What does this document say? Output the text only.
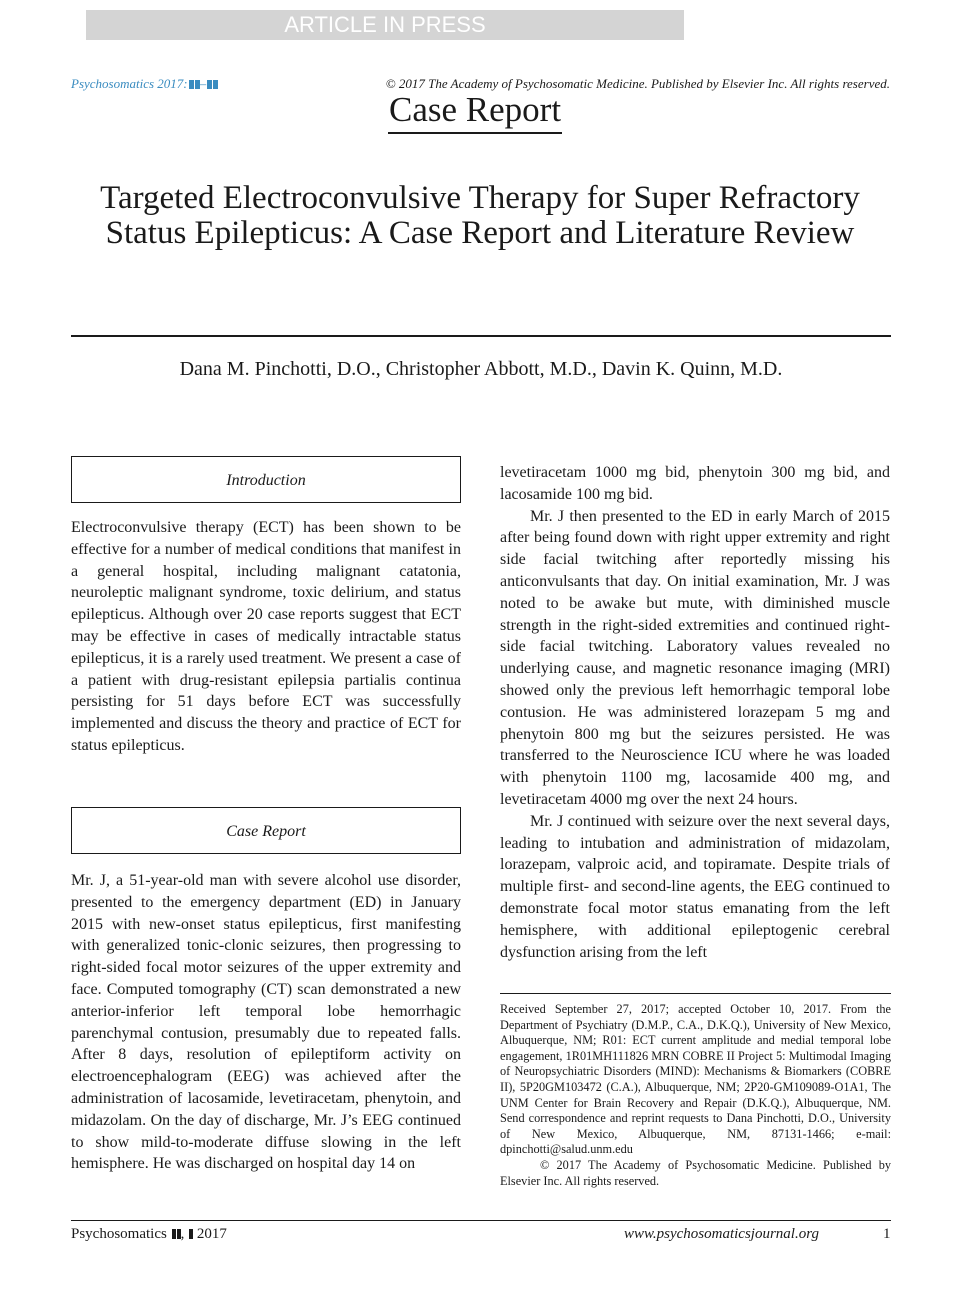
ARTICLE IN PRESS
Psychosomatics 2017: –	© 2017 The Academy of Psychosomatic Medicine. Published by Elsevier Inc. All rights reserved.
Case Report
Targeted Electroconvulsive Therapy for Super Refractory Status Epilepticus: A Case Report and Literature Review
Dana M. Pinchotti, D.O., Christopher Abbott, M.D., Davin K. Quinn, M.D.
Introduction

Electroconvulsive therapy (ECT) has been shown to be effective for a number of medical conditions that manifest in a general hospital, including malignant catatonia, neuroleptic malignant syndrome, toxic delirium, and status epilepticus. Although over 20 case reports suggest that ECT may be effective in cases of medically intractable status epilepticus, it is a rarely used treatment. We present a case of a patient with drug-resistant epilepsia partialis continua persisting for 51 days before ECT was successfully implemented and discuss the theory and practice of ECT for status epilepticus.

Case Report

Mr. J, a 51-year-old man with severe alcohol use disorder, presented to the emergency department (ED) in January 2015 with new-onset status epilepticus, first manifesting with generalized tonic-clonic seizures, then progressing to right-sided focal motor seizures of the upper extremity and face. Computed tomography (CT) scan demonstrated a new anterior-inferior left temporal lobe hemorrhagic parenchymal contusion, presumably due to repeated falls. After 8 days, resolution of epileptiform activity on electroencephalogram (EEG) was achieved after the administration of lacosamide, levetiracetam, phenytoin, and midazolam. On the day of discharge, Mr. J’s EEG continued to show mild-to-moderate diffuse slowing in the left hemisphere. He was discharged on hospital day 14 on

levetiracetam 1000 mg bid, phenytoin 300 mg bid, and lacosamide 100 mg bid.

Mr. J then presented to the ED in early March of 2015 after being found down with right upper extremity and right side facial twitching after reportedly missing his anticonvulsants that day. On initial examination, Mr. J was noted to be awake but mute, with diminished muscle strength in the right-sided extremities and continued rightside facial twitching. Laboratory values revealed no underlying cause, and magnetic resonance imaging (MRI) showed only the previous left hemorrhagic temporal lobe contusion. He was administered lorazepam 5 mg and phenytoin 800 mg but the seizures persisted. He was transferred to the Neuroscience ICU where he was loaded with phenytoin 1100 mg, lacosamide 400 mg, and levetiracetam 4000 mg over the next 24 hours.

Mr. J continued with seizure over the next several days, leading to intubation and administration of midazolam, lorazepam, valproic acid, and topiramate. Despite trials of multiple first- and second-line agents, the EEG continued to demonstrate focal motor status emanating from the left hemisphere, with additional epileptogenic cerebral dysfunction arising from the left

Received September 27, 2017; accepted October 10, 2017. From the Department of Psychiatry (D.M.P., C.A., D.K.Q.), University of New Mexico, Albuquerque, NM; R01: ECT current amplitude and medial temporal lobe engagement, 1R01MH111826 MRN COBRE II Project 5: Multimodal Imaging of Neuropsychiatric Disorders (MIND): Mechanisms & Biomarkers (COBRE II), 5P20GM103472 (C.A.), Albuquerque, NM; 2P20-GM109089-O1A1, The UNM Center for Brain Recovery and Repair (D.K.Q.), Albuquerque, NM. Send correspondence and reprint requests to Dana Pinchotti, D.O., University of New Mexico, Albuquerque, NM, 87131-1466; e-mail: dpinchotti@salud.unm.edu

© 2017 The Academy of Psychosomatic Medicine. Published by Elsevier Inc. All rights reserved.

Psychosomatics ,  2017	www.psychosomaticsjournal.org	1
